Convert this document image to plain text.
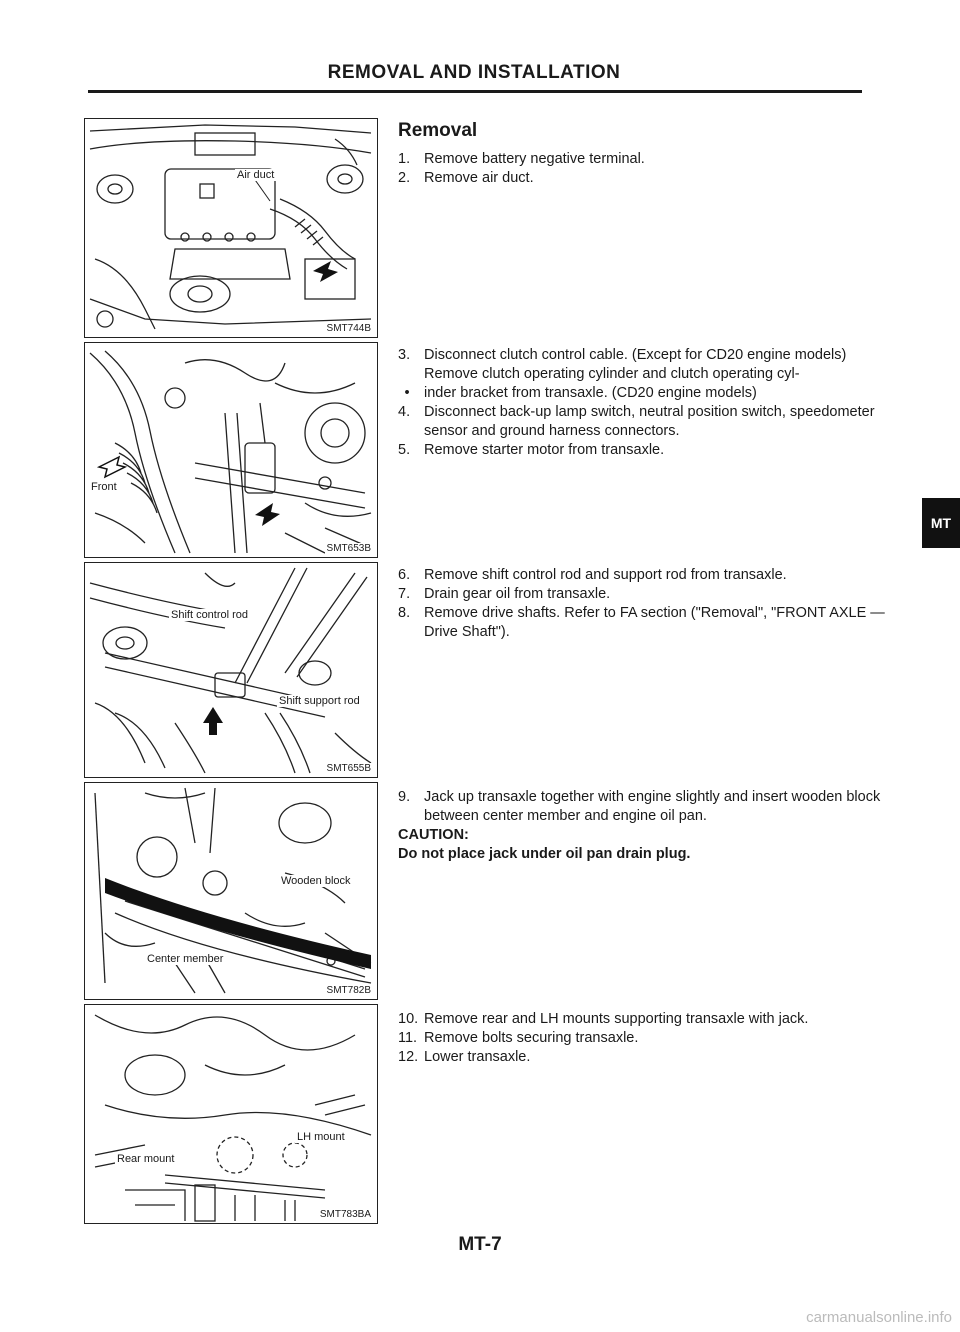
REMOVAL AND INSTALLATION
Air duct
SMT744B
Front
SMT653B
Shift control rod
Shift support rod
SMT655B
Wooden block
Center member
SMT782B
LH mount
Rear mount
SMT783BA
Removal
1. Remove battery negative terminal.
2. Remove air duct.
3. Disconnect clutch control cable. (Except for CD20 engine models)
Remove clutch operating cylinder and clutch operating cyl-
• inder bracket from transaxle. (CD20 engine models)
4. Disconnect back-up lamp switch, neutral position switch, speedometer sensor and ground harness connectors.
5. Remove starter motor from transaxle.
6. Remove shift control rod and support rod from transaxle.
7. Drain gear oil from transaxle.
8. Remove drive shafts. Refer to FA section ("Removal", "FRONT AXLE — Drive Shaft").
9. Jack up transaxle together with engine slightly and insert wooden block between center member and engine oil pan.
CAUTION:
Do not place jack under oil pan drain plug.
10. Remove rear and LH mounts supporting transaxle with jack.
11. Remove bolts securing transaxle.
12. Lower transaxle.
MT
MT-7
carmanualsonline.info
